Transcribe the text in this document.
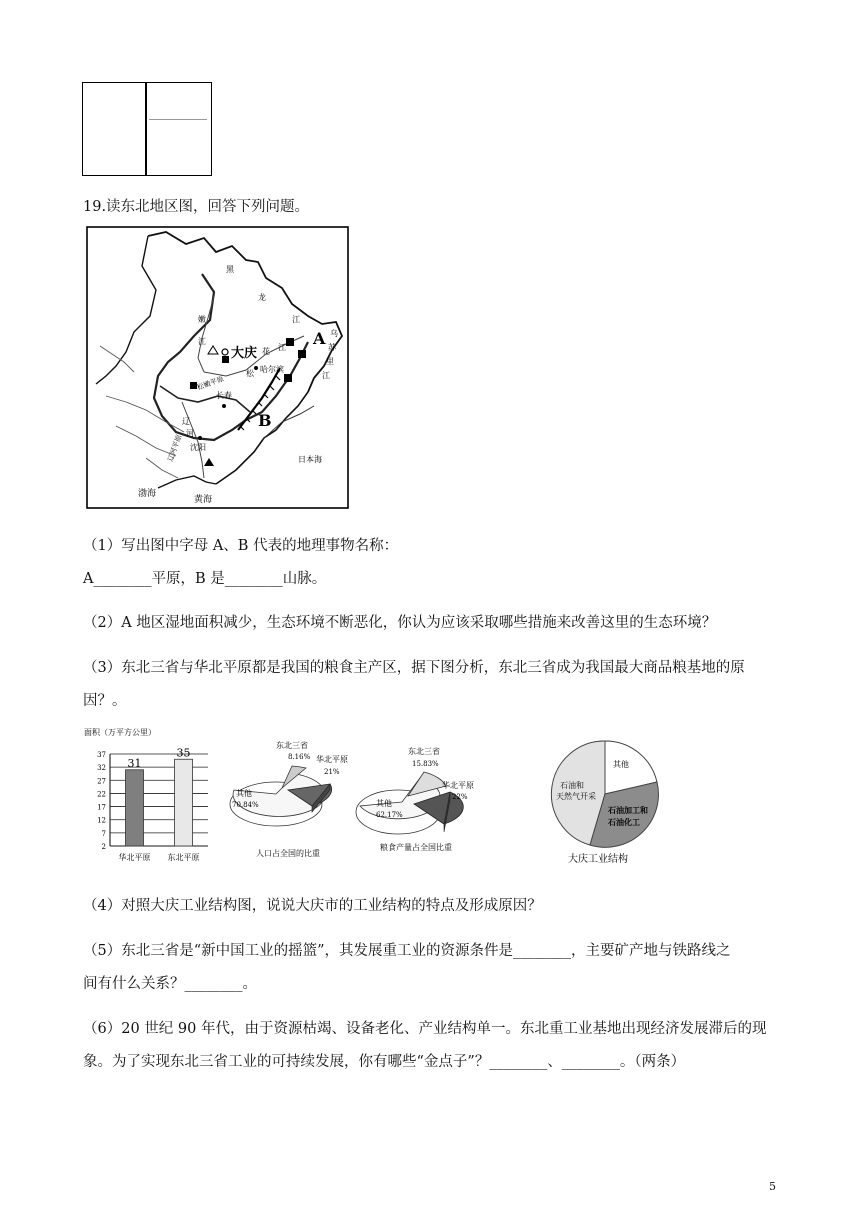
19.读东北地区图，回答下列问题。
大庆
哈尔滨
长春
沈阳
A
B
日本海
黄海
渤海
黑
龙
江
嫩
江
松
花 江
乌
苏
里
江
辽
河
松嫩平原
辽河平原
（1）写出图中字母 A、B 代表的地理事物名称：
A________平原，B 是________山脉。
（2）A 地区湿地面积减少，生态环境不断恶化，你认为应该采取哪些措施来改善这里的生态环境？
（3）东北三省与华北平原都是我国的粮食主产区，据下图分析，东北三省成为我国最大商品粮基地的原
因？。
面积（万平方公里）
2
7
12
17
22
27
32
37
31
华北平原
35
东北平原
东北三省
8.16% 华北平原
21%
其他
70.84%
人口占全国的比重
东北三省
15.83%
华北平原
22%
其他
62.17%
粮食产量占全国比重
其他
石油和
天然气开采
石油加工和
石油化工
大庆工业结构
（4）对照大庆工业结构图，说说大庆市的工业结构的特点及形成原因？
（5）东北三省是“新中国工业的摇篮”，其发展重工业的资源条件是________，主要矿产地与铁路线之
间有什么关系？________。
（6）20 世纪 90 年代，由于资源枯竭、设备老化、产业结构单一。东北重工业基地出现经济发展滞后的现
象。为了实现东北三省工业的可持续发展，你有哪些“金点子”？________、________。（两条）
5
